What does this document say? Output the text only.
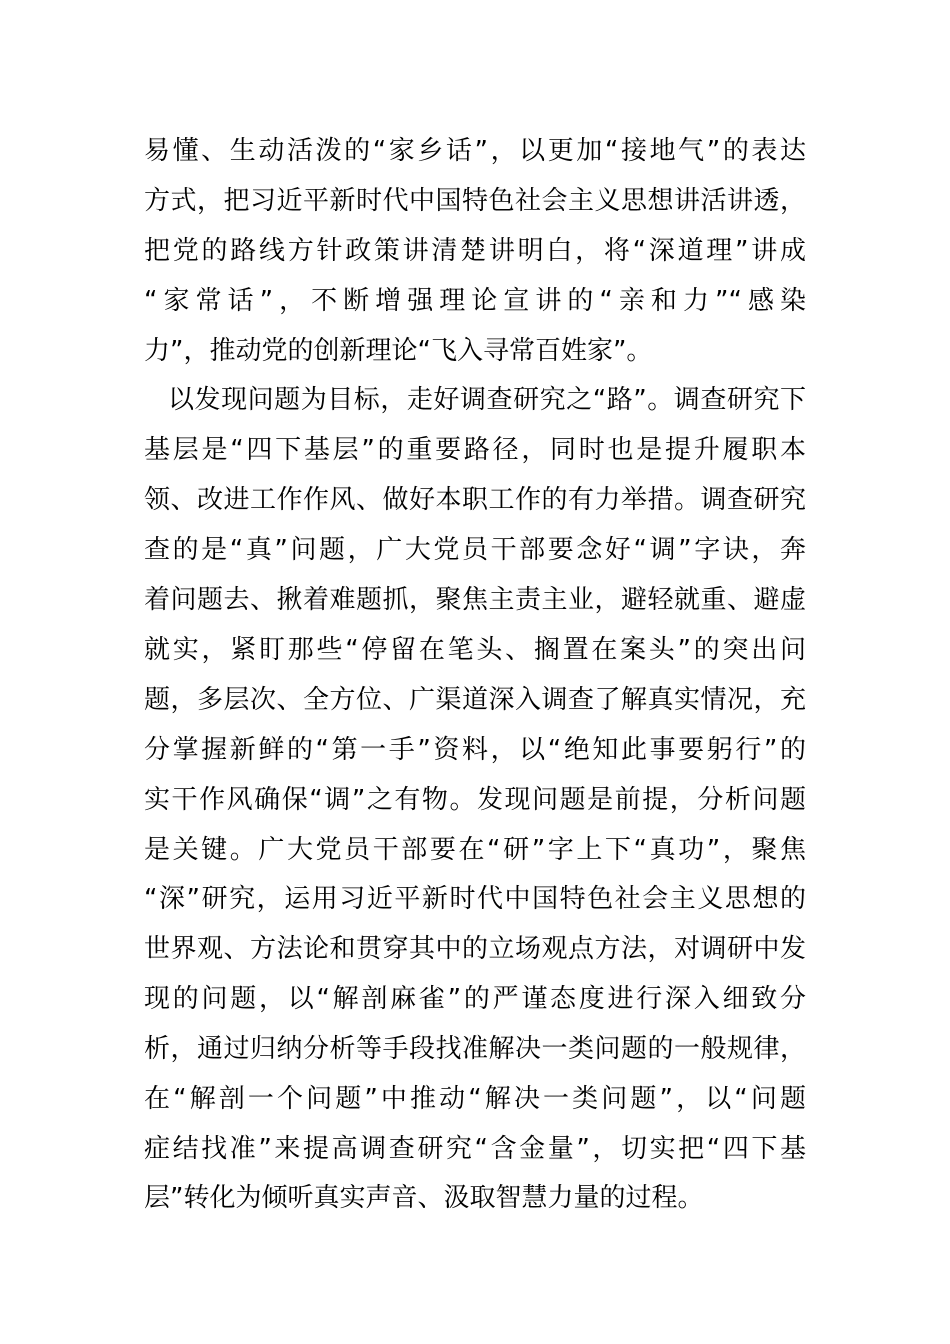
易懂、生动活泼的“家乡话”，以更加“接地气”的表达
方式，把习近平新时代中国特色社会主义思想讲活讲透，
把党的路线方针政策讲清楚讲明白，将“深道理”讲成
“家常话”，不断增强理论宣讲的“亲和力”“感染
力”，推动党的创新理论“飞入寻常百姓家”。
以发现问题为目标，走好调查研究之“路”。调查研究下
基层是“四下基层”的重要路径，同时也是提升履职本
领、改进工作作风、做好本职工作的有力举措。调查研究
查的是“真”问题，广大党员干部要念好“调”字诀，奔
着问题去、揪着难题抓，聚焦主责主业，避轻就重、避虚
就实，紧盯那些“停留在笔头、搁置在案头”的突出问
题，多层次、全方位、广渠道深入调查了解真实情况，充
分掌握新鲜的“第一手”资料，以“绝知此事要躬行”的
实干作风确保“调”之有物。发现问题是前提，分析问题
是关键。广大党员干部要在“研”字上下“真功”，聚焦
“深”研究，运用习近平新时代中国特色社会主义思想的
世界观、方法论和贯穿其中的立场观点方法，对调研中发
现的问题，以“解剖麻雀”的严谨态度进行深入细致分
析，通过归纳分析等手段找准解决一类问题的一般规律，
在“解剖一个问题”中推动“解决一类问题”，以“问题
症结找准”来提高调查研究“含金量”，切实把“四下基
层”转化为倾听真实声音、汲取智慧力量的过程。
